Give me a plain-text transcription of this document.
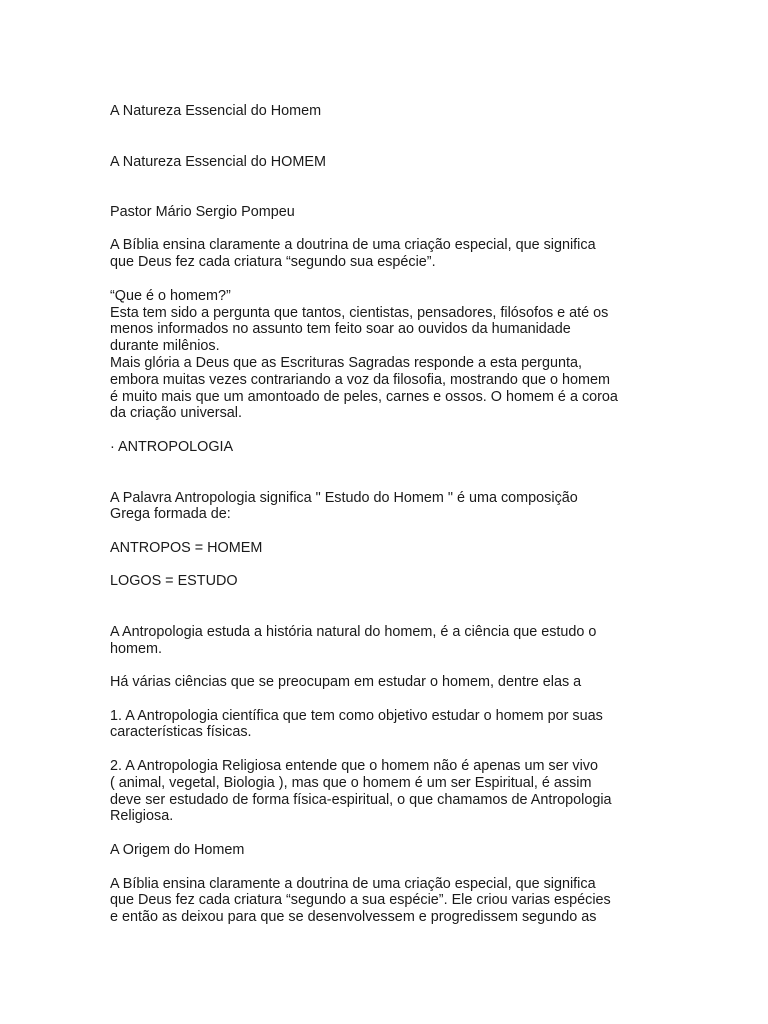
A Natureza Essencial do Homem

A Natureza Essencial do HOMEM

Pastor Mário Sergio Pompeu

A Bíblia ensina claramente a doutrina de uma criação especial, que significa

que Deus fez cada criatura “segundo sua espécie”.

“Que é o homem?”

Esta tem sido a pergunta que tantos, cientistas, pensadores, filósofos e até os

menos informados no assunto tem feito soar ao ouvidos da humanidade

durante milênios.

Mais glória a Deus que as Escrituras Sagradas responde a esta pergunta,

embora muitas vezes contrariando a voz da filosofia, mostrando que o homem

é muito mais que um amontoado de peles, carnes e ossos. O homem é a coroa

da criação universal.

· ANTROPOLOGIA

A Palavra Antropologia significa " Estudo do Homem " é uma composição

Grega formada de:

ANTROPOS = HOMEM

LOGOS = ESTUDO

A Antropologia estuda a história natural do homem, é a ciência que estudo o

homem.

Há várias ciências que se preocupam em estudar o homem, dentre elas a

1. A Antropologia científica que tem como objetivo estudar o homem por suas

características físicas.

2. A Antropologia Religiosa entende que o homem não é apenas um ser vivo

( animal, vegetal, Biologia ), mas que o homem é um ser Espiritual, é assim

deve ser estudado de forma física-espiritual, o que chamamos de Antropologia

Religiosa.

A Origem do Homem

A Bíblia ensina claramente a doutrina de uma criação especial, que significa

que Deus fez cada criatura “segundo a sua espécie”. Ele criou varias espécies

e então as deixou para que se desenvolvessem e progredissem segundo as
